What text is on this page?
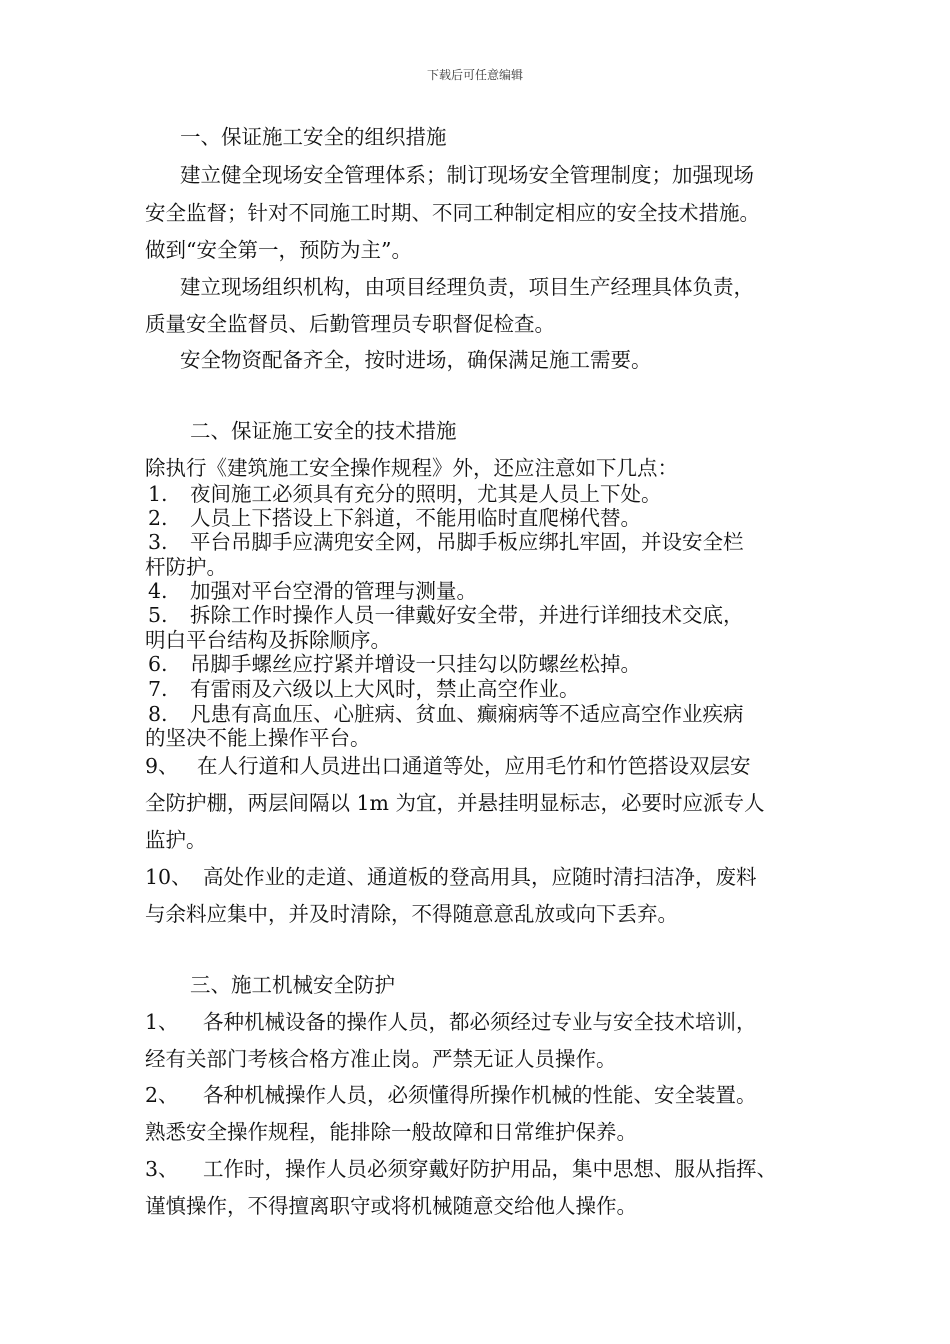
下载后可任意编辑
一、保证施工安全的组织措施
建立健全现场安全管理体系；制订现场安全管理制度；加强现场
安全监督；针对不同施工时期、不同工种制定相应的安全技术措施。
做到“安全第一，预防为主”。
建立现场组织机构，由项目经理负责，项目生产经理具体负责，
质量安全监督员、后勤管理员专职督促检查。
安全物资配备齐全，按时进场，确保满足施工需要。
二、保证施工安全的技术措施
除执行《建筑施工安全操作规程》外，还应注意如下几点：
1. 夜间施工必须具有充分的照明，尤其是人员上下处。
2. 人员上下搭设上下斜道，不能用临时直爬梯代替。
3. 平台吊脚手应满兜安全网，吊脚手板应绑扎牢固，并设安全栏
杆防护。
4. 加强对平台空滑的管理与测量。
5. 拆除工作时操作人员一律戴好安全带，并进行详细技术交底，
明白平台结构及拆除顺序。
6. 吊脚手螺丝应拧紧并增设一只挂勾以防螺丝松掉。
7. 有雷雨及六级以上大风时，禁止高空作业。
8. 凡患有高血压、心脏病、贫血、癫痫病等不适应高空作业疾病
的坚决不能上操作平台。
9、 在人行道和人员进出口通道等处，应用毛竹和竹笆搭设双层安
全防护棚，两层间隔以 1m 为宜，并悬挂明显标志，必要时应派专人
监护。
10、 高处作业的走道、通道板的登高用具，应随时清扫洁净，废料
与余料应集中，并及时清除，不得随意意乱放或向下丢弃。
三、施工机械安全防护
1、 各种机械设备的操作人员，都必须经过专业与安全技术培训，
经有关部门考核合格方准止岗。严禁无证人员操作。
2、 各种机械操作人员，必须懂得所操作机械的性能、安全装置。
熟悉安全操作规程，能排除一般故障和日常维护保养。
3、 工作时，操作人员必须穿戴好防护用品，集中思想、服从指挥、
谨慎操作，不得擅离职守或将机械随意交给他人操作。
